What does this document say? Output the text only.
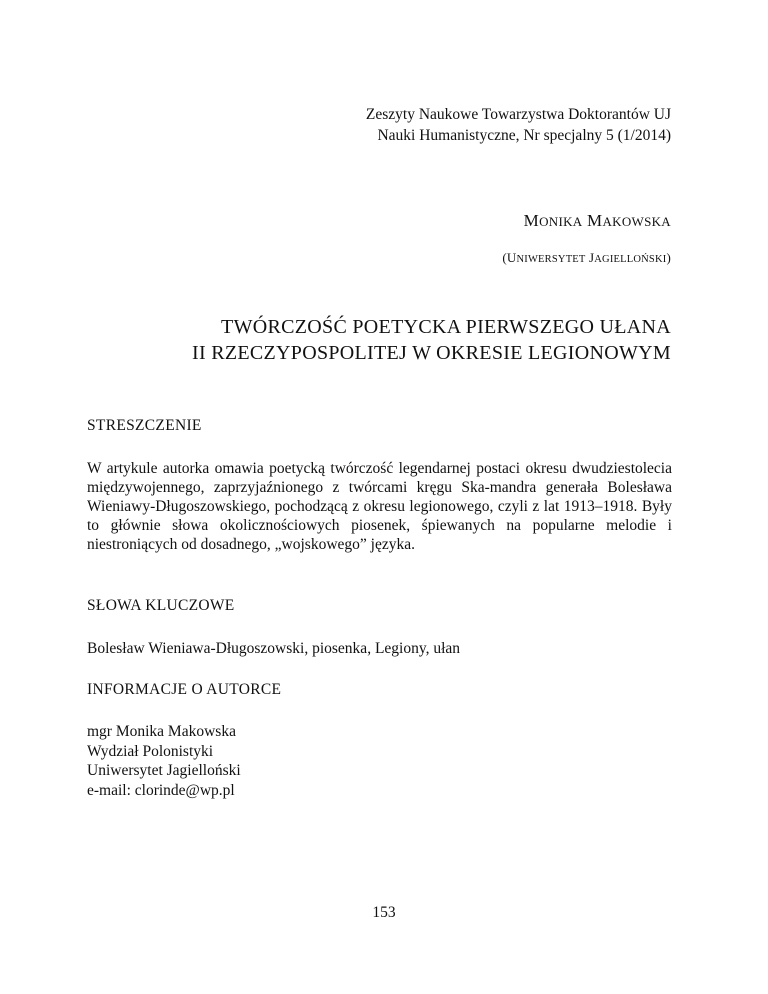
Zeszyty Naukowe Towarzystwa Doktorantów UJ
Nauki Humanistyczne, Nr specjalny 5 (1/2014)
MONIKA MAKOWSKA
(UNIWERSYTET JAGIELLOŃSKI)
TWÓRCZOŚĆ POETYCKA PIERWSZEGO UŁANA
II RZECZYPOSPOLITEJ W OKRESIE LEGIONOWYM
STRESZCZENIE
W artykule autorka omawia poetycką twórczość legendarnej postaci okresu dwudziestolecia międzywojennego, zaprzyjaźnionego z twórcami kręgu Ska-mandra generała Bolesława Wieniawy-Długoszowskiego, pochodzącą z okresu legionowego, czyli z lat 1913–1918. Były to głównie słowa okolicznościowych piosenek, śpiewanych na popularne melodie i niestroniących od dosadnego, „wojskowego” języka.
SŁOWA KLUCZOWE
Bolesław Wieniawa-Długoszowski, piosenka, Legiony, ułan
INFORMACJE O AUTORCE
mgr Monika Makowska
Wydział Polonistyki
Uniwersytet Jagielloński
e-mail: clorinde@wp.pl
153
